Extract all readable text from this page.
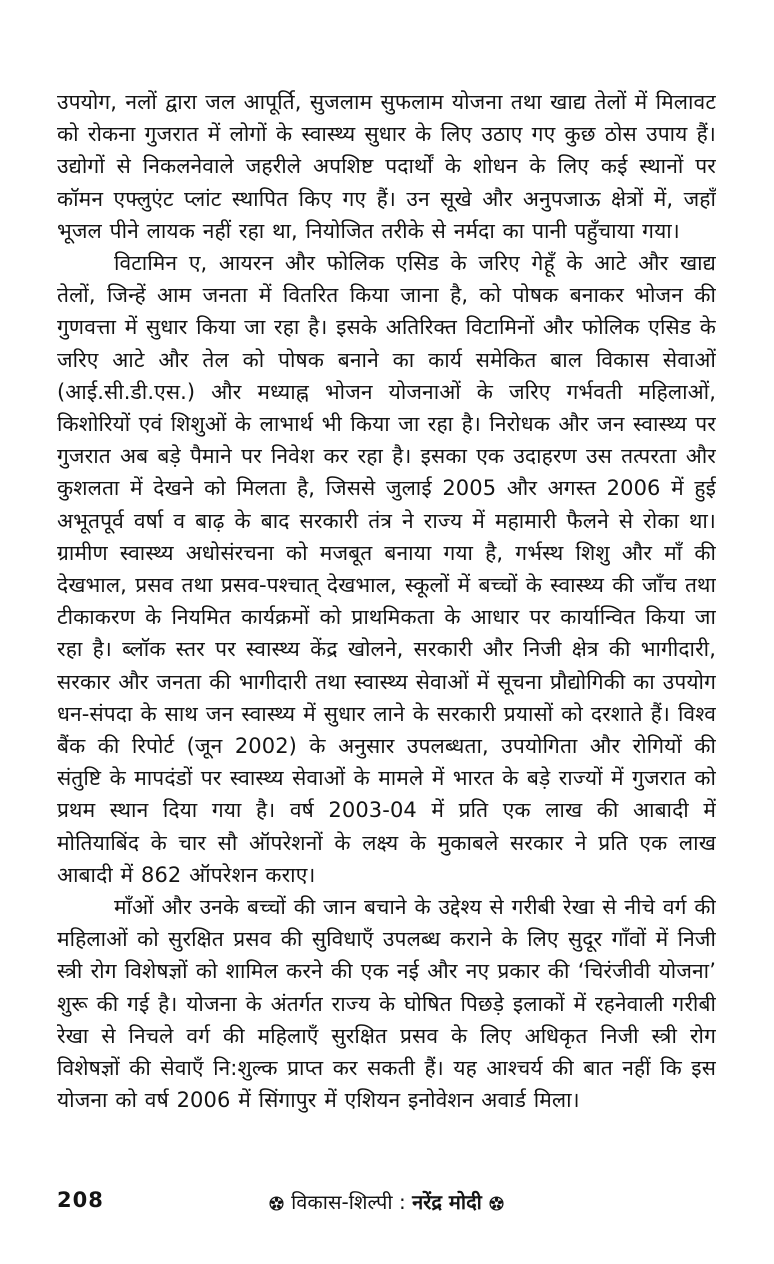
उपयोग, नलों द्वारा जल आपूर्ति, सुजलाम सुफलाम योजना तथा खाद्य तेलों में मिलावट को रोकना गुजरात में लोगों के स्वास्थ्य सुधार के लिए उठाए गए कुछ ठोस उपाय हैं। उद्योगों से निकलनेवाले जहरीले अपशिष्ट पदार्थों के शोधन के लिए कई स्थानों पर कॉमन एफ्लुएंट प्लांट स्थापित किए गए हैं। उन सूखे और अनुपजाऊ क्षेत्रों में, जहाँ भूजल पीने लायक नहीं रहा था, नियोजित तरीके से नर्मदा का पानी पहुँचाया गया।

विटामिन ए, आयरन और फोलिक एसिड के जरिए गेहूँ के आटे और खाद्य तेलों, जिन्हें आम जनता में वितरित किया जाना है, को पोषक बनाकर भोजन की गुणवत्ता में सुधार किया जा रहा है। इसके अतिरिक्त विटामिनों और फोलिक एसिड के जरिए आटे और तेल को पोषक बनाने का कार्य समेकित बाल विकास सेवाओं (आई.सी.डी.एस.) और मध्याह्न भोजन योजनाओं के जरिए गर्भवती महिलाओं, किशोरियों एवं शिशुओं के लाभार्थ भी किया जा रहा है। निरोधक और जन स्वास्थ्य पर गुजरात अब बड़े पैमाने पर निवेश कर रहा है। इसका एक उदाहरण उस तत्परता और कुशलता में देखने को मिलता है, जिससे जुलाई 2005 और अगस्त 2006 में हुई अभूतपूर्व वर्षा व बाढ़ के बाद सरकारी तंत्र ने राज्य में महामारी फैलने से रोका था। ग्रामीण स्वास्थ्य अधोसंरचना को मजबूत बनाया गया है, गर्भस्थ शिशु और माँ की देखभाल, प्रसव तथा प्रसव-पश्चात् देखभाल, स्कूलों में बच्चों के स्वास्थ्य की जाँच तथा टीकाकरण के नियमित कार्यक्रमों को प्राथमिकता के आधार पर कार्यान्वित किया जा रहा है। ब्लॉक स्तर पर स्वास्थ्य केंद्र खोलने, सरकारी और निजी क्षेत्र की भागीदारी, सरकार और जनता की भागीदारी तथा स्वास्थ्य सेवाओं में सूचना प्रौद्योगिकी का उपयोग धन-संपदा के साथ जन स्वास्थ्य में सुधार लाने के सरकारी प्रयासों को दरशाते हैं। विश्व बैंक की रिपोर्ट (जून 2002) के अनुसार उपलब्धता, उपयोगिता और रोगियों की संतुष्टि के मापदंडों पर स्वास्थ्य सेवाओं के मामले में भारत के बड़े राज्यों में गुजरात को प्रथम स्थान दिया गया है। वर्ष 2003-04 में प्रति एक लाख की आबादी में मोतियाबिंद के चार सौ ऑपरेशनों के लक्ष्य के मुकाबले सरकार ने प्रति एक लाख आबादी में 862 ऑपरेशन कराए।

माँओं और उनके बच्चों की जान बचाने के उद्देश्य से गरीबी रेखा से नीचे वर्ग की महिलाओं को सुरक्षित प्रसव की सुविधाएँ उपलब्ध कराने के लिए सुदूर गाँवों में निजी स्त्री रोग विशेषज्ञों को शामिल करने की एक नई और नए प्रकार की ‘चिरंजीवी योजना’ शुरू की गई है। योजना के अंतर्गत राज्य के घोषित पिछड़े इलाकों में रहनेवाली गरीबी रेखा से निचले वर्ग की महिलाएँ सुरक्षित प्रसव के लिए अधिकृत निजी स्त्री रोग विशेषज्ञों की सेवाएँ नि:शुल्क प्राप्त कर सकती हैं। यह आश्चर्य की बात नहीं कि इस योजना को वर्ष 2006 में सिंगापुर में एशियन इनोवेशन अवार्ड मिला।

208	विकास-शिल्पी : नरेंद्र मोदी
